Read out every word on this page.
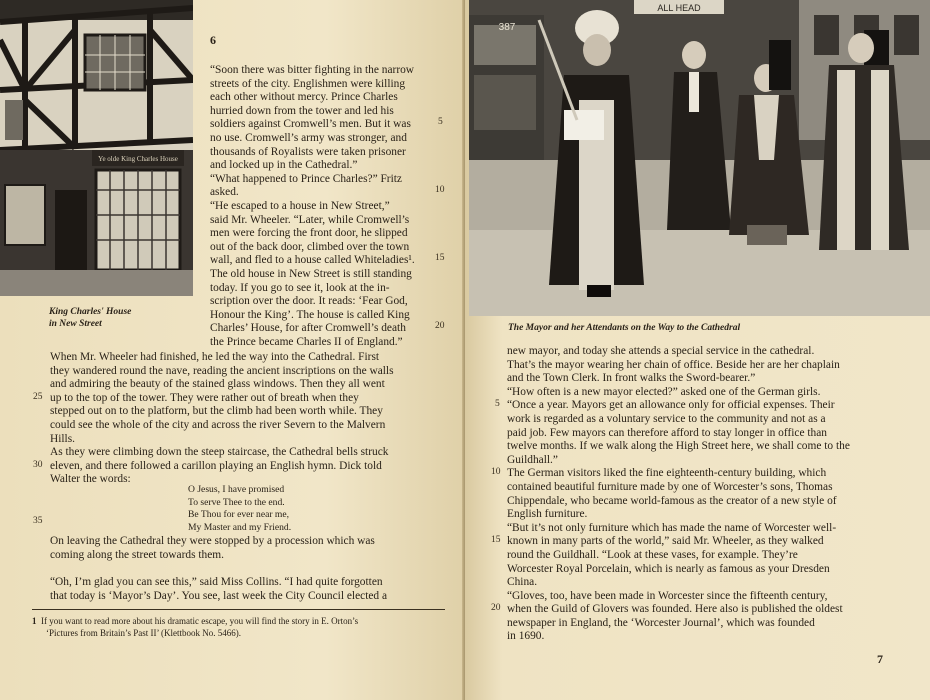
Ye olde King Charles House
King Charles' House
in New Street
6
“Soon there was bitter fighting in the narrow
streets of the city. Englishmen were killing
each other without mercy. Prince Charles
hurried down from the tower and led his
soldiers against Cromwell’s men. But it was
no use. Cromwell’s army was stronger, and
thousands of Royalists were taken prisoner
and locked up in the Cathedral.”
“What happened to Prince Charles?” Fritz
asked.
“He escaped to a house in New Street,”
said Mr. Wheeler. “Later, while Cromwell’s
men were forcing the front door, he slipped
out of the back door, climbed over the town
wall, and fled to a house called Whiteladies¹.
The old house in New Street is still standing
today. If you go to see it, look at the in-
scription over the door. It reads: ‘Fear God,
Honour the King’. The house is called King
Charles’ House, for after Cromwell’s death
the Prince became Charles II of England.”
5
10
15
20
When Mr. Wheeler had finished, he led the way into the Cathedral. First
they wandered round the nave, reading the ancient inscriptions on the walls
and admiring the beauty of the stained glass windows. Then they all went
up to the top of the tower. They were rather out of breath when they
stepped out on to the platform, but the climb had been worth while. They
could see the whole of the city and across the river Severn to the Malvern
Hills.
As they were climbing down the steep staircase, the Cathedral bells struck
eleven, and there followed a carillon playing an English hymn. Dick told
Walter the words:
25
30
35
O Jesus, I have promised
To serve Thee to the end.
Be Thou for ever near me,
My Master and my Friend.
On leaving the Cathedral they were stopped by a procession which was
coming along the street towards them.
“Oh, I’m glad you can see this,” said Miss Collins. “I had quite forgotten
that today is ‘Mayor’s Day’. You see, last week the City Council elected a
1 If you want to read more about his dramatic escape, you will find the story in E. Orton’s
‘Pictures from Britain’s Past II’ (Klettbook No. 5466).
387
ALL HEAD
The Mayor and her Attendants on the Way to the Cathedral
new mayor, and today she attends a special service in the cathedral.
That’s the mayor wearing her chain of office. Beside her are her chaplain
and the Town Clerk. In front walks the Sword-bearer.”
“How often is a new mayor elected?” asked one of the German girls.
“Once a year. Mayors get an allowance only for official expenses. Their
work is regarded as a voluntary service to the community and not as a
paid job. Few mayors can therefore afford to stay longer in office than
twelve months. If we walk along the High Street here, we shall come to the
Guildhall.”
The German visitors liked the fine eighteenth-century building, which
contained beautiful furniture made by one of Worcester’s sons, Thomas
Chippendale, who became world-famous as the creator of a new style of
English furniture.
“But it’s not only furniture which has made the name of Worcester well-
known in many parts of the world,” said Mr. Wheeler, as they walked
round the Guildhall. “Look at these vases, for example. They’re
Worcester Royal Porcelain, which is nearly as famous as your Dresden
China.
“Gloves, too, have been made in Worcester since the fifteenth century,
when the Guild of Glovers was founded. Here also is published the oldest
newspaper in England, the ‘Worcester Journal’, which was founded
in 1690.
5
10
15
20
7
